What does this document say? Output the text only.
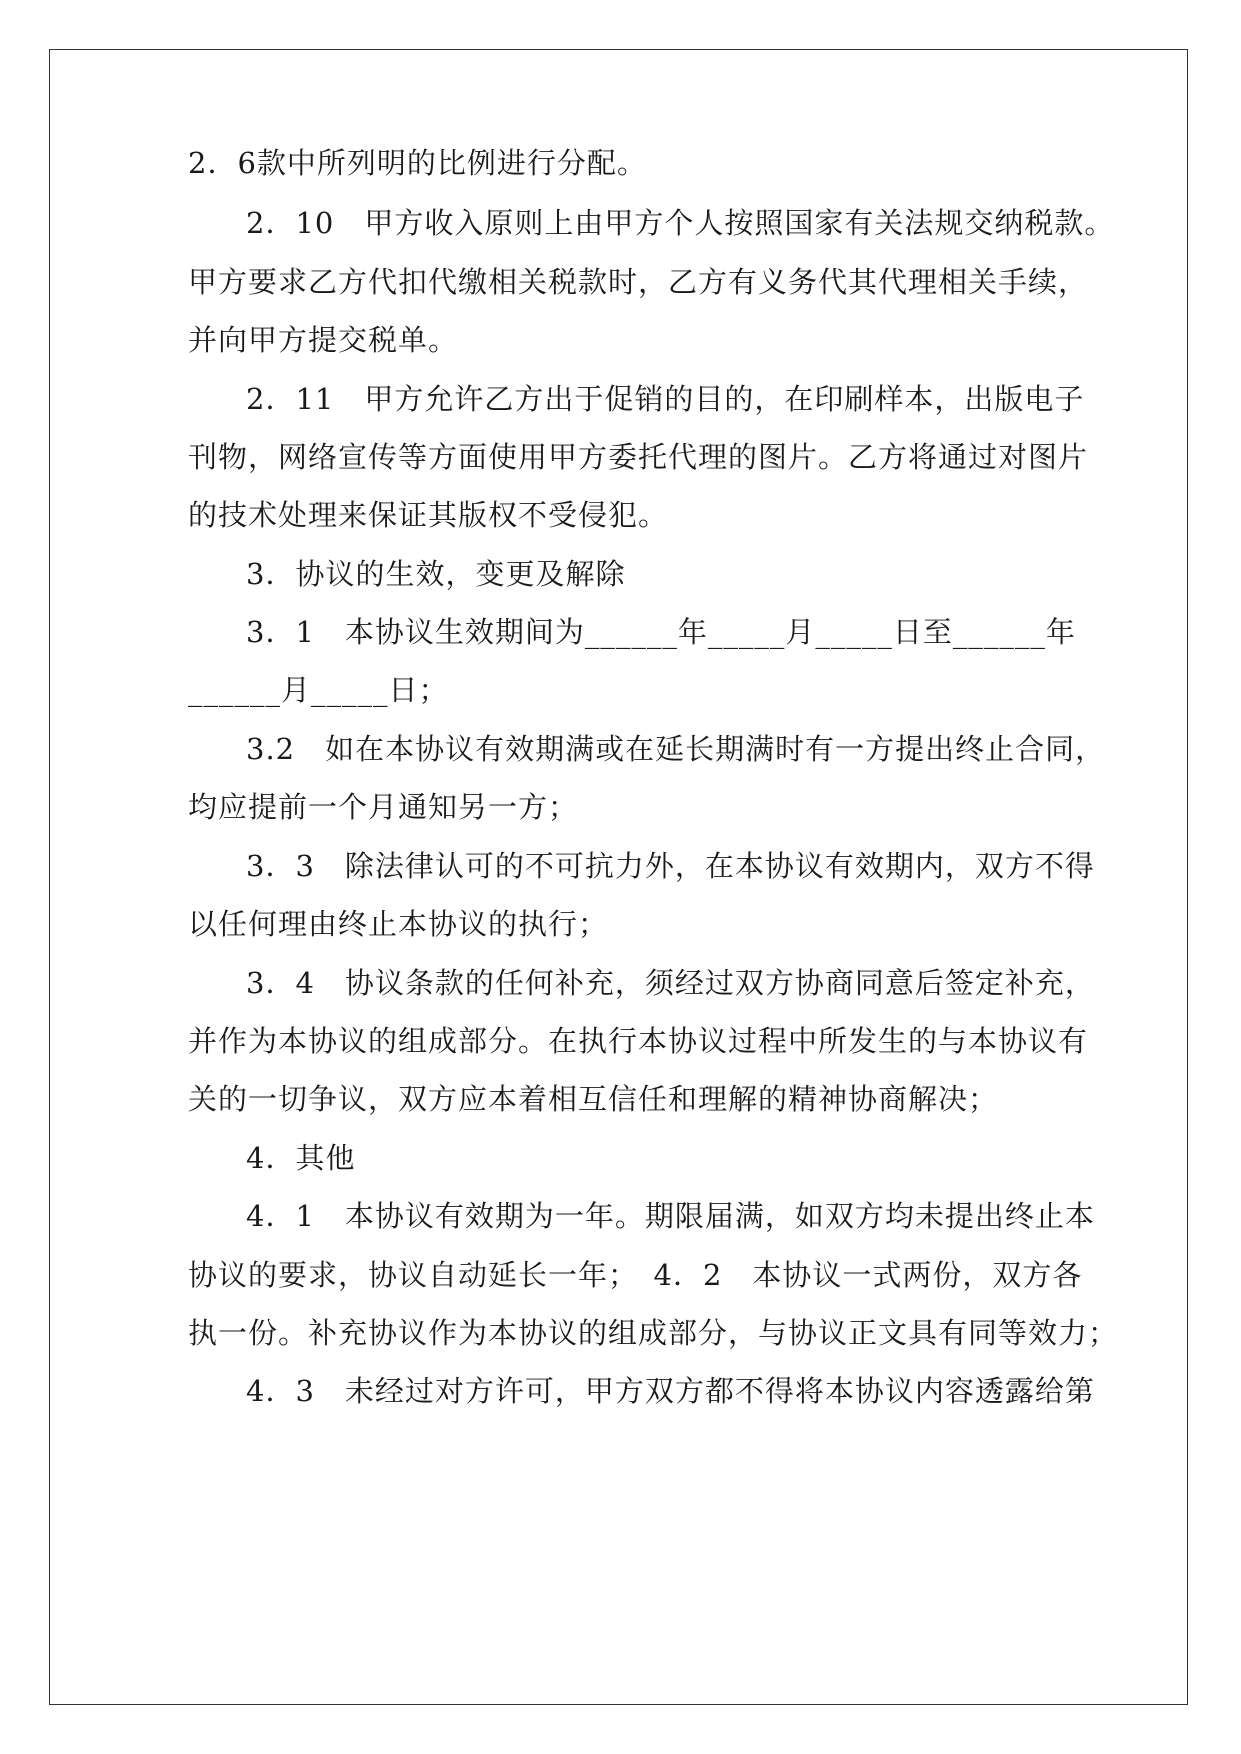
2．6款中所列明的比例进行分配。
2．10　甲方收入原则上由甲方个人按照国家有关法规交纳税款。
甲方要求乙方代扣代缴相关税款时，乙方有义务代其代理相关手续，
并向甲方提交税单。
2．11　甲方允许乙方出于促销的目的，在印刷样本，出版电子
刊物，网络宣传等方面使用甲方委托代理的图片。乙方将通过对图片
的技术处理来保证其版权不受侵犯。
3．协议的生效，变更及解除
3．1　本协议生效期间为______年_____月_____日至______年
______月_____日；
3.2　如在本协议有效期满或在延长期满时有一方提出终止合同，
均应提前一个月通知另一方；
3．3　除法律认可的不可抗力外，在本协议有效期内，双方不得
以任何理由终止本协议的执行；
3．4　协议条款的任何补充，须经过双方协商同意后签定补充，
并作为本协议的组成部分。在执行本协议过程中所发生的与本协议有
关的一切争议，双方应本着相互信任和理解的精神协商解决；
4．其他
4．1　本协议有效期为一年。期限届满，如双方均未提出终止本
协议的要求，协议自动延长一年；　4．2　本协议一式两份，双方各
执一份。补充协议作为本协议的组成部分，与协议正文具有同等效力；
4．3　未经过对方许可，甲方双方都不得将本协议内容透露给第
